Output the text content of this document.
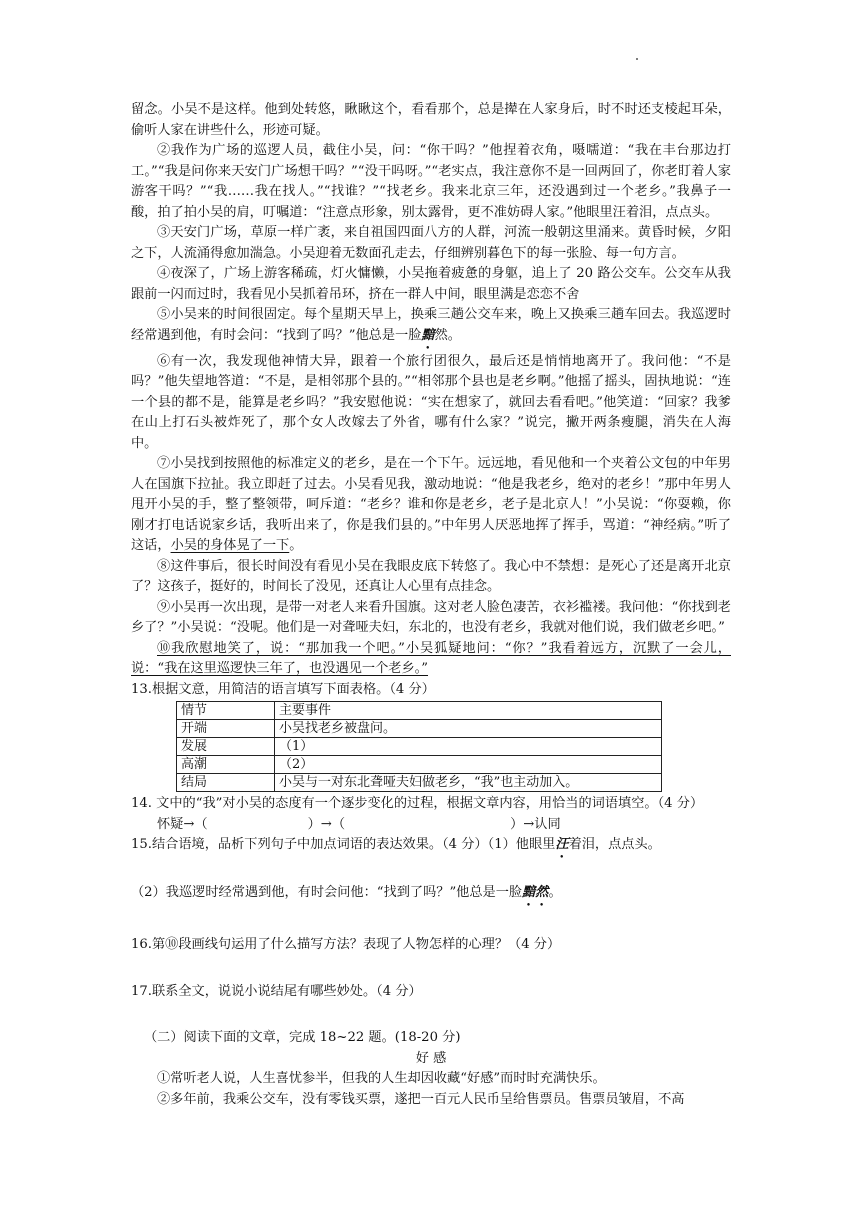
留念。小吴不是这样。他到处转悠，瞅瞅这个，看看那个，总是撵在人家身后，时不时还支棱起耳朵，偷听人家在讲些什么，形迹可疑。

②我作为广场的巡逻人员，截住小吴，问：“你干吗？”他捏着衣角，嗫嚅道：“我在丰台那边打工。”“我是问你来天安门广场想干吗？”“没干吗呀。”“老实点，我注意你不是一回两回了，你老盯着人家游客干吗？”“我……我在找人。”“找谁？”“找老乡。我来北京三年，还没遇到过一个老乡。”我鼻子一酸，拍了拍小吴的肩，叮嘱道：“注意点形象，别太露骨，更不准妨碍人家。”他眼里汪着泪，点点头。

③天安门广场，草原一样广袤，来自祖国四面八方的人群，河流一般朝这里涌来。黄昏时候，夕阳之下，人流涌得愈加湍急。小吴迎着无数面孔走去，仔细辨别暮色下的每一张脸、每一句方言。

④夜深了，广场上游客稀疏，灯火慵懒，小吴拖着疲惫的身躯，追上了 20 路公交车。公交车从我跟前一闪而过时，我看见小吴抓着吊环，挤在一群人中间，眼里满是恋恋不舍

⑤小吴来的时间很固定。每个星期天早上，换乘三趟公交车来，晚上又换乘三趟车回去。我巡逻时经常遇到他，有时会问：“找到了吗？”他总是一脸黯然。

⑥有一次，我发现他神情大异，跟着一个旅行团很久，最后还是悄悄地离开了。我问他：“不是吗？”他失望地答道：“不是，是相邻那个县的。”“相邻那个县也是老乡啊。”他摇了摇头，固执地说：“连一个县的都不是，能算是老乡吗？”我安慰他说：“实在想家了，就回去看看吧。”他笑道：“回家？我爹在山上打石头被炸死了，那个女人改嫁去了外省，哪有什么家？”说完，撇开两条瘦腿，消失在人海中。

⑦小吴找到按照他的标准定义的老乡，是在一个下午。远远地，看见他和一个夹着公文包的中年男人在国旗下拉扯。我立即赶了过去。小吴看见我，激动地说：“他是我老乡，绝对的老乡！”那中年男人甩开小吴的手，整了整领带，呵斥道：“老乡？谁和你是老乡，老子是北京人！”小吴说：“你耍赖，你刚才打电话说家乡话，我听出来了，你是我们县的。”中年男人厌恶地挥了挥手，骂道：“神经病。”听了这话，小吴的身体晃了一下。

⑧这件事后，很长时间没有看见小吴在我眼皮底下转悠了。我心中不禁想：是死心了还是离开北京了？这孩子，挺好的，时间长了没见，还真让人心里有点挂念。

⑨小吴再一次出现，是带一对老人来看升国旗。这对老人脸色凄苦，衣衫褴褛。我问他：“你找到老乡了？”小吴说：“没呢。他们是一对聋哑夫妇，东北的，也没有老乡，我就对他们说，我们做老乡吧。”

⑩我欣慰地笑了，说：“那加我一个吧。”小吴狐疑地问：“你？”我看着远方，沉默了一会儿，说：“我在这里巡逻快三年了，也没遇见一个老乡。”

13.根据文意，用简洁的语言填写下面表格。（4 分）

情节	主要事件
开端	小吴找老乡被盘问。
发展	（1）
高潮	（2）
结局	小吴与一对东北聋哑夫妇做老乡，“我”也主动加入。

14. 文中的“我”对小吴的态度有一个逐步变化的过程，根据文章内容，用恰当的词语填空。（4 分）

怀疑→（	）→（	）→认同

15.结合语境，品析下列句子中加点词语的表达效果。（4 分）（1）他眼里汪着泪，点点头。

（2）我巡逻时经常遇到他，有时会问他：“找到了吗？”他总是一脸黯然。

16.第⑩段画线句运用了什么描写方法？表现了人物怎样的心理？（4 分）

17.联系全文，说说小说结尾有哪些妙处。（4 分）

（二）阅读下面的文章，完成 18~22 题。(18-20 分)

好 感

①常听老人说，人生喜忧参半，但我的人生却因收藏“好感”而时时充满快乐。

②多年前，我乘公交车，没有零钱买票，遂把一百元人民币呈给售票员。售票员皱眉，不高
